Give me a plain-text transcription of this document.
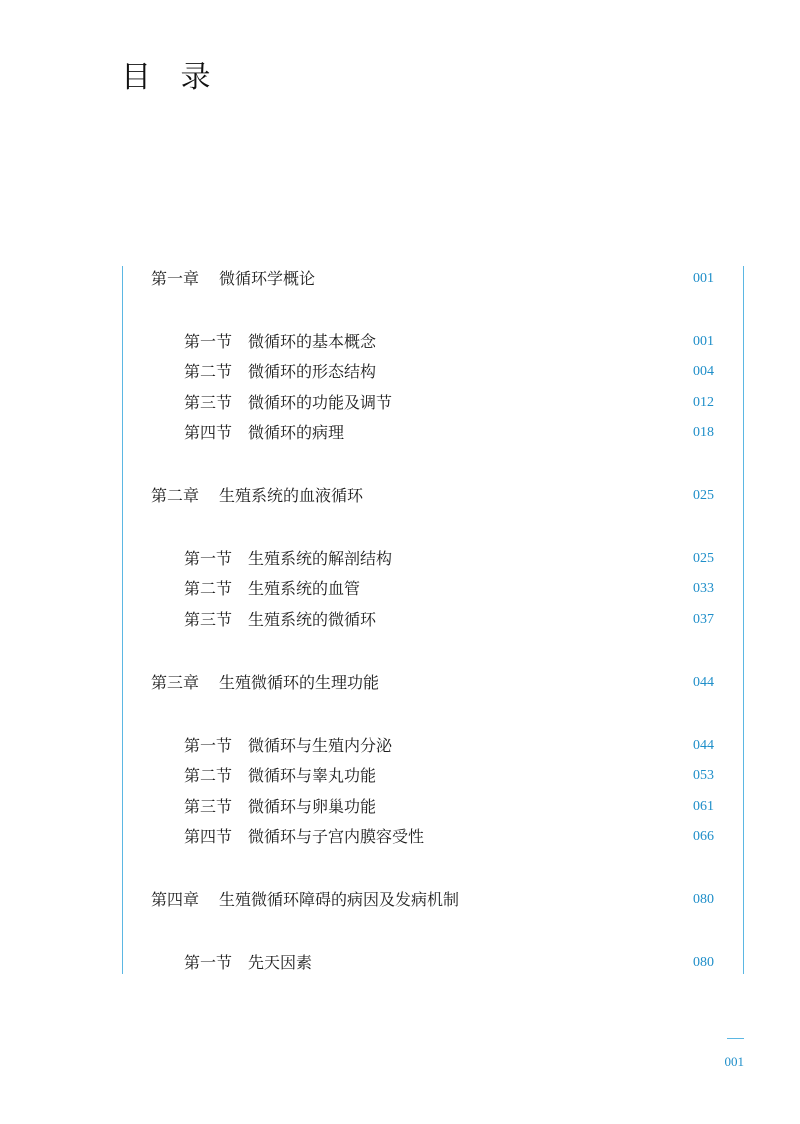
目 录
第一章 微循环学概论	001
第一节 微循环的基本概念	001
第二节 微循环的形态结构	004
第三节 微循环的功能及调节	012
第四节 微循环的病理	018
第二章 生殖系统的血液循环	025
第一节 生殖系统的解剖结构	025
第二节 生殖系统的血管	033
第三节 生殖系统的微循环	037
第三章 生殖微循环的生理功能	044
第一节 微循环与生殖内分泌	044
第二节 微循环与睾丸功能	053
第三节 微循环与卵巢功能	061
第四节 微循环与子宫内膜容受性	066
第四章 生殖微循环障碍的病因及发病机制	080
第一节 先天因素	080
001
